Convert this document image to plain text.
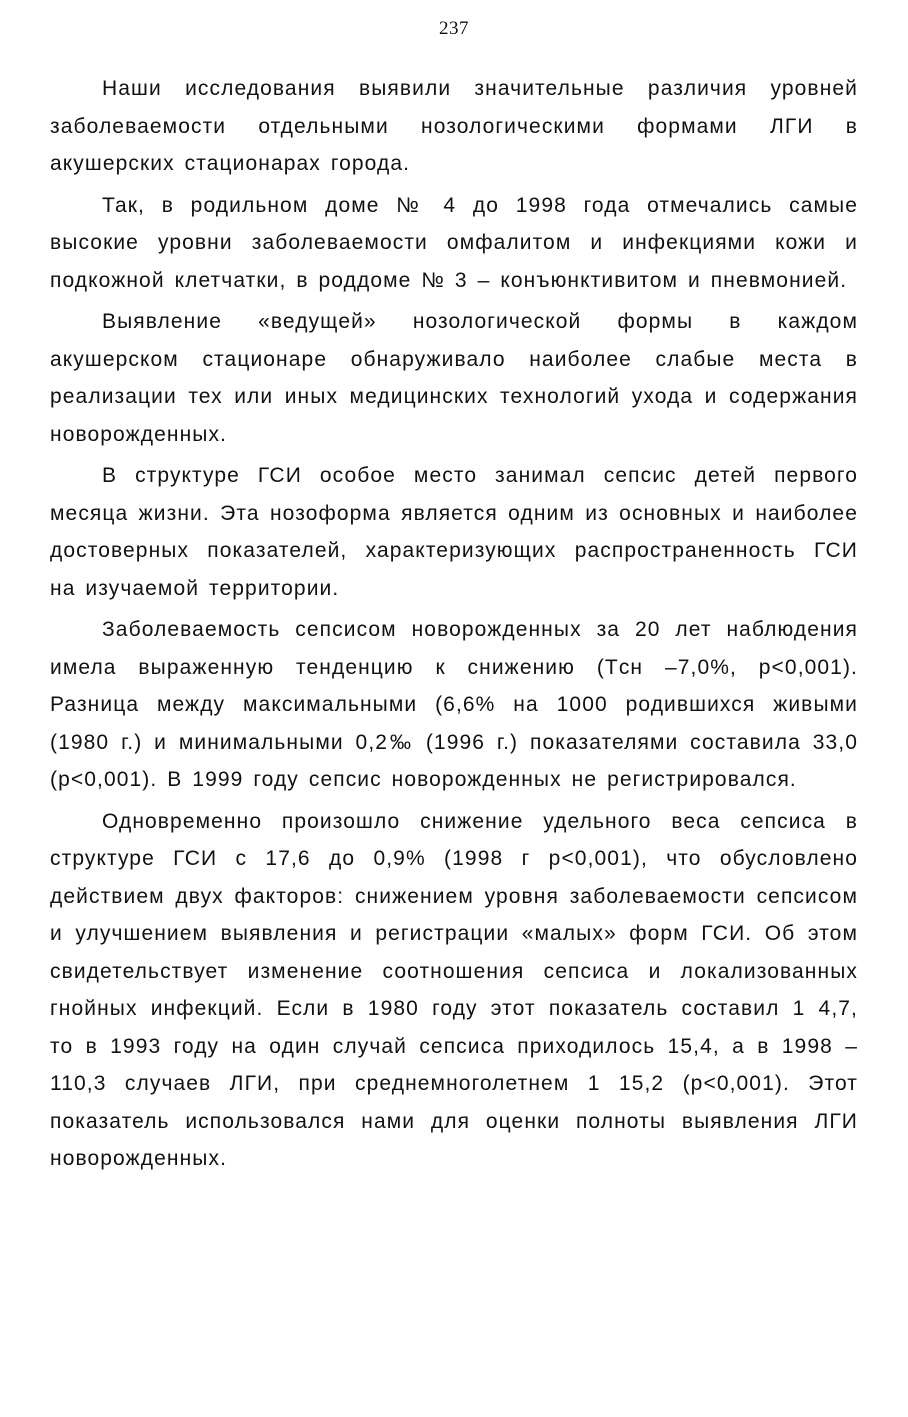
237

Наши исследования выявили значительные различия уровней заболеваемости отдельными нозологическими формами ЛГИ в акушерских стационарах города.

Так, в родильном доме № 4 до 1998 года отмечались самые высокие уровни заболеваемости омфалитом и инфекциями кожи и подкожной клетчатки, в роддоме № 3 – конъюнктивитом и пневмонией.

Выявление «ведущей» нозологической формы в каждом акушерском стационаре обнаруживало наиболее слабые места в реализации тех или иных медицинских технологий ухода и содержания новорожденных.

В структуре ГСИ особое место занимал сепсис детей первого месяца жизни. Эта нозоформа является одним из основных и наиболее достоверных показателей, характеризующих распространенность ГСИ на изучаемой территории.

Заболеваемость сепсисом новорожденных за 20 лет наблюдения имела выраженную тенденцию к снижению (Tсн –7,0%, p<0,001). Разница между максимальными (6,6% на 1000 родившихся живыми (1980 г.) и минимальными 0,2‰ (1996 г.) показателями составила 33,0 (p<0,001). В 1999 году сепсис новорожденных не регистрировался.

Одновременно произошло снижение удельного веса сепсиса в структуре ГСИ с 17,6 до 0,9% (1998 г p<0,001), что обусловлено действием двух факторов: снижением уровня заболеваемости сепсисом и улучшением выявления и регистрации «малых» форм ГСИ. Об этом свидетельствует изменение соотношения сепсиса и локализованных гнойных инфекций. Если в 1980 году этот показатель составил 1 4,7, то в 1993 году на один случай сепсиса приходилось 15,4, а в 1998 – 110,3 случаев ЛГИ, при среднемноголетнем 1 15,2 (p<0,001). Этот показатель использовался нами для оценки полноты выявления ЛГИ новорожденных.
